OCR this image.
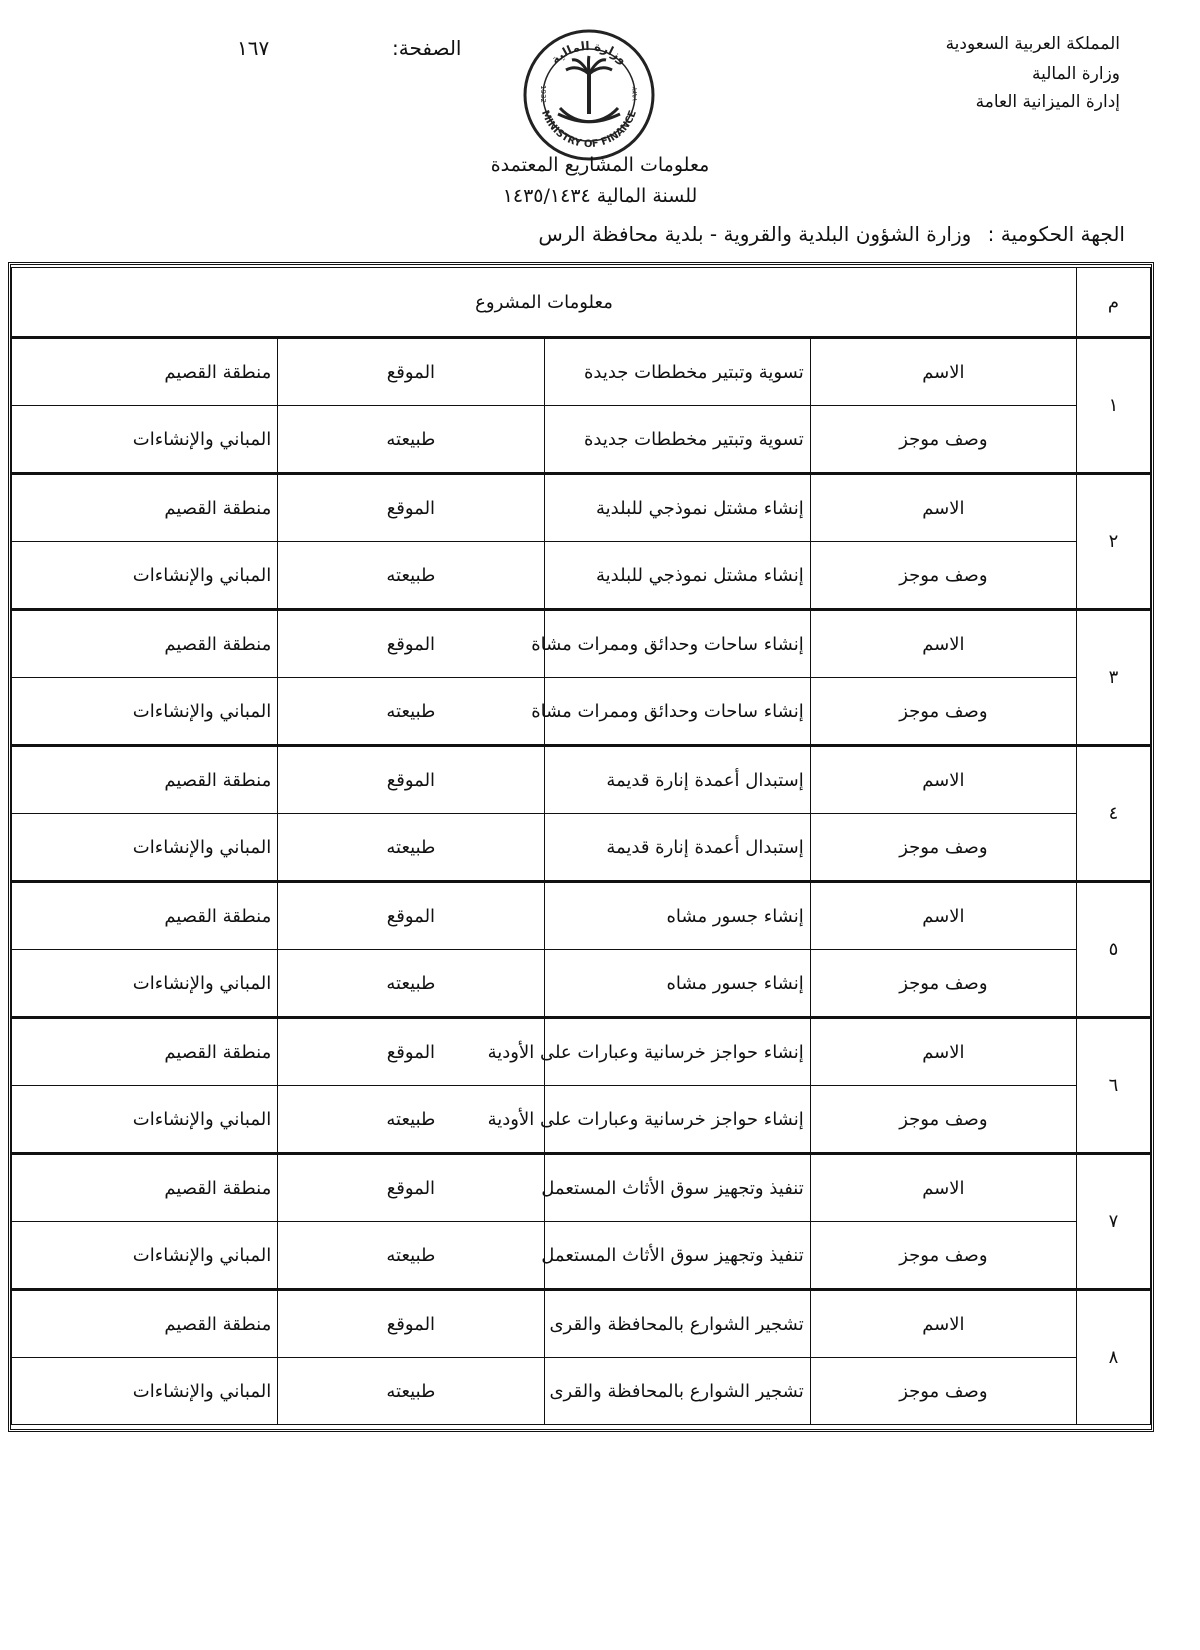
المملكة العربية السعودية
وزارة المالية
إدارة الميزانية العامة
الصفحة:
١٦٧	وزارة المالية
MINISTRY OF FINANCE
1932	١٩٣٢
معلومات المشاريع المعتمدة
للسنة المالية ١٤٣٥/١٤٣٤
الجهة الحكومية : وزارة الشؤون البلدية والقروية - بلدية محافظة الرس
م	معلومات المشروع			
١	الاسم	تسوية وتبتير مخططات جديدة	الموقع	منطقة القصيم
	وصف موجز	تسوية وتبتير مخططات جديدة	طبيعته	المباني والإنشاءات
٢	الاسم	إنشاء مشتل نموذجي للبلدية	الموقع	منطقة القصيم
	وصف موجز	إنشاء مشتل نموذجي للبلدية	طبيعته	المباني والإنشاءات
٣	الاسم	إنشاء ساحات وحدائق وممرات مشاة	الموقع	منطقة القصيم
	وصف موجز	إنشاء ساحات وحدائق وممرات مشاة	طبيعته	المباني والإنشاءات
٤	الاسم	إستبدال أعمدة إنارة قديمة	الموقع	منطقة القصيم
	وصف موجز	إستبدال أعمدة إنارة قديمة	طبيعته	المباني والإنشاءات
٥	الاسم	إنشاء جسور مشاه	الموقع	منطقة القصيم
	وصف موجز	إنشاء جسور مشاه	طبيعته	المباني والإنشاءات
٦	الاسم	إنشاء حواجز خرسانية وعبارات على الأودية	الموقع	منطقة القصيم
	وصف موجز	إنشاء حواجز خرسانية وعبارات على الأودية	طبيعته	المباني والإنشاءات
٧	الاسم	تنفيذ وتجهيز سوق الأثاث المستعمل	الموقع	منطقة القصيم
	وصف موجز	تنفيذ وتجهيز سوق الأثاث المستعمل	طبيعته	المباني والإنشاءات
٨	الاسم	تشجير الشوارع بالمحافظة والقرى	الموقع	منطقة القصيم
	وصف موجز	تشجير الشوارع بالمحافظة والقرى	طبيعته	المباني والإنشاءات
